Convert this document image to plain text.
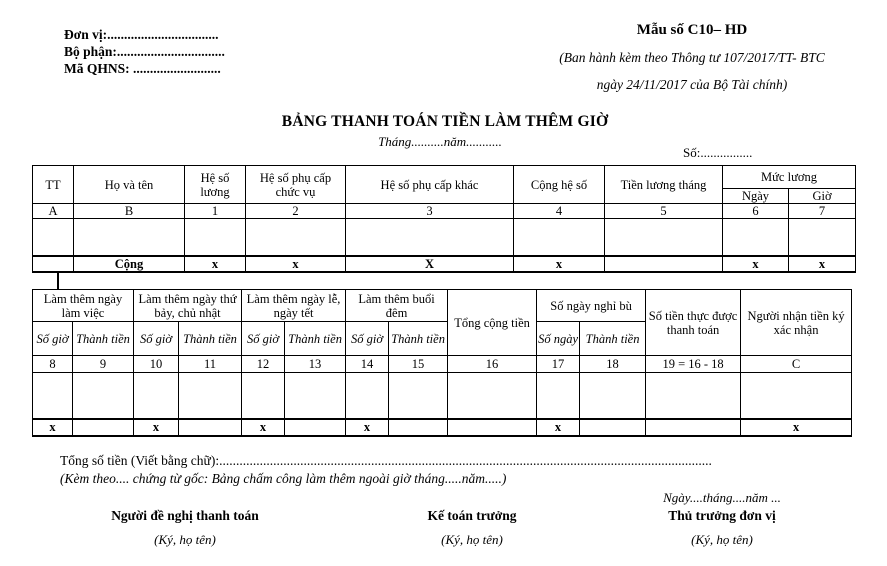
Đơn vị:.................................
Bộ phận:................................
Mã QHNS: ..........................
Mẫu số C10– HD
(Ban hành kèm theo Thông tư 107/2017/TT- BTC
ngày 24/11/2017 của Bộ Tài chính)
BẢNG THANH TOÁN TIỀN LÀM THÊM GIỜ
Tháng..........năm...........
Số:................
TT	Họ và tên	Hệ số lương	Hệ số phụ cấp chức vụ	Hệ số phụ cấp khác	Cộng hệ số	Tiền lương tháng	Mức lương	
							Ngày	Giờ
A	B	1	2	3	4	5	6	7

	Cộng	x	x	X	x		x	x
Làm thêm ngày làm việc		Làm thêm ngày thứ bảy, chủ nhật		Làm thêm ngày lễ, ngày tết		Làm thêm buổi đêm		Tổng cộng tiền	Số ngày nghỉ bù		Số tiền thực được thanh toán	Người nhận tiền ký xác nhận
Số giờ	Thành tiền	Số giờ	Thành tiền	Số giờ	Thành tiền	Số giờ	Thành tiền		Số ngày	Thành tiền		
8	9	10	11	12	13	14	15	16	17	18	19 = 16 - 18	C

x		x		x		x			x			x
Tổng số tiền (Viết bằng chữ):..................................................................................................................................................
(Kèm theo.... chứng từ gốc: Bảng chấm công làm thêm ngoài giờ tháng.....năm.....)
Ngày....tháng....năm ...
Người đề nghị thanh toán
(Ký, họ tên)
Kế toán trưởng
(Ký, họ tên)
Thủ trưởng đơn vị
(Ký, họ tên)
